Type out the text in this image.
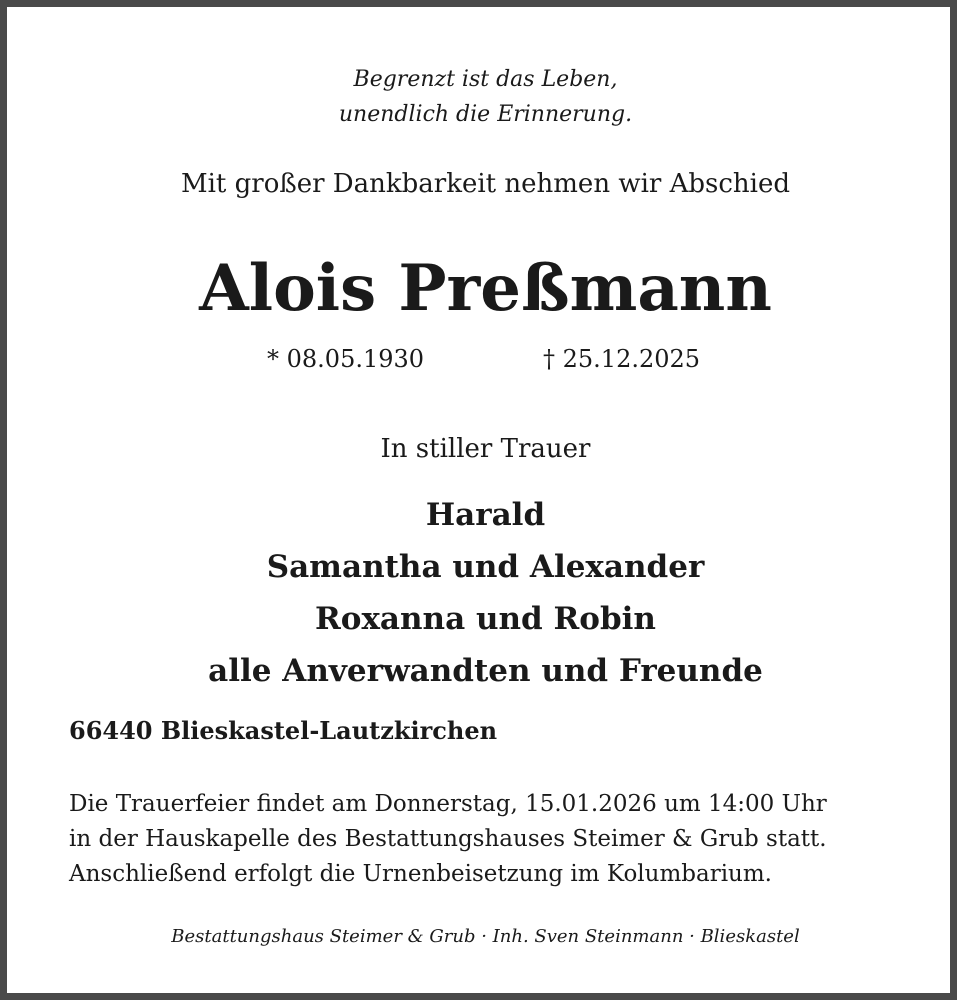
Begrenzt ist das Leben,
unendlich die Erinnerung.
Mit großer Dankbarkeit nehmen wir Abschied
Alois Preßmann
* 08.05.1930	† 25.12.2025
In stiller Trauer
Harald
Samantha und Alexander
Roxanna und Robin
alle Anverwandten und Freunde
66440 Blieskastel-Lautzkirchen
Die Trauerfeier findet am Donnerstag, 15.01.2026 um 14:00 Uhr
in der Hauskapelle des Bestattungshauses Steimer & Grub statt.
Anschließend erfolgt die Urnenbeisetzung im Kolumbarium.
Bestattungshaus Steimer & Grub · Inh. Sven Steinmann · Blieskastel
